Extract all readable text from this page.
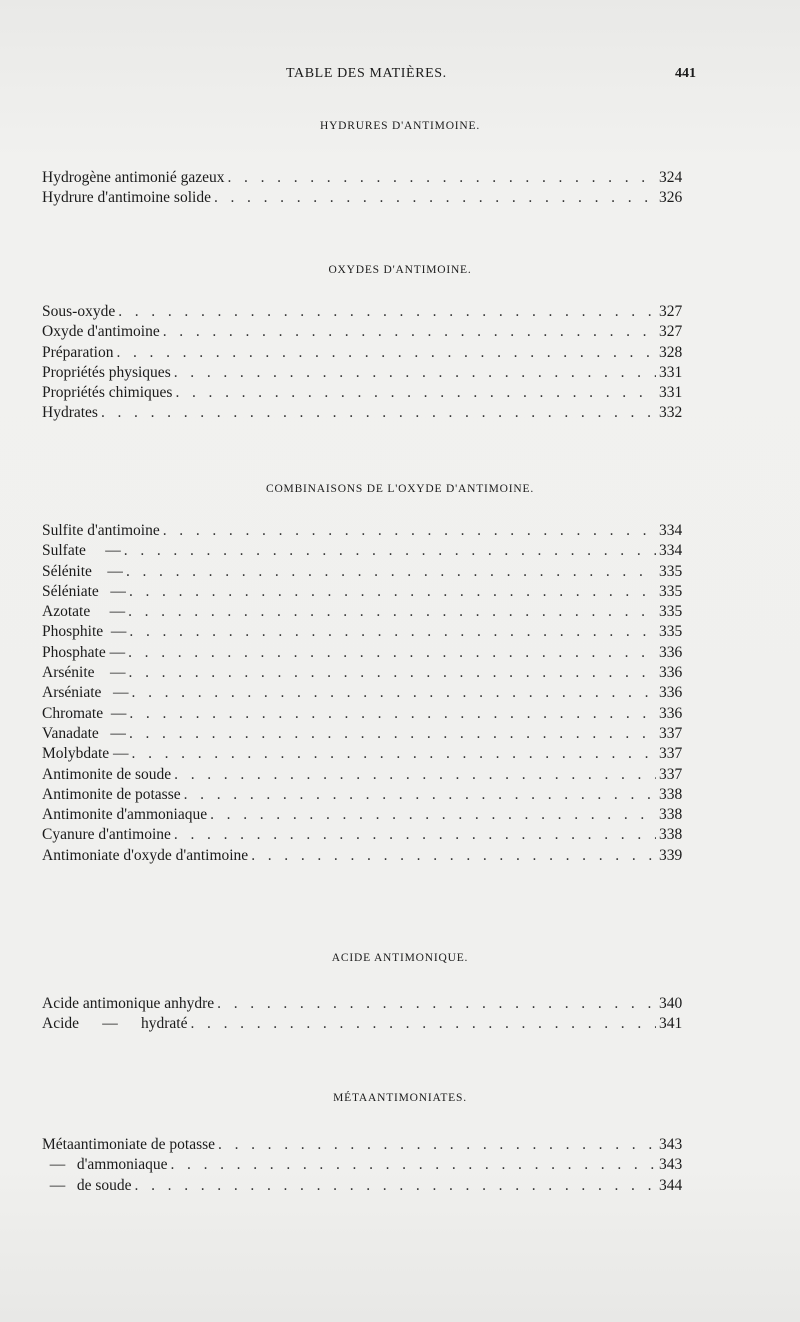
TABLE DES MATIÈRES.	441
HYDRURES D'ANTIMOINE.
Hydrogène antimonié gazeux . . .	324
Hydrure d'antimoine solide . . .	326
OXYDES D'ANTIMOINE.
Sous-oxyde . . .	327
Oxyde d'antimoine . . .	327
Préparation . . .	328
Propriétés physiques . . .	331
Propriétés chimiques . . .	331
Hydrates . . .	332
COMBINAISONS DE L'OXYDE D'ANTIMOINE.
Sulfite d'antimoine . . .	334
Sulfate     — . . .	334
Sélénite    — . . .	335
Séléniate   — . . .	335
Azotate     — . . .	335
Phosphite  — . . .	335
Phosphate — . . .	336
Arsénite    — . . .	336
Arséniate   — . . .	336
Chromate  — . . .	336
Vanadate   — . . .	337
Molybdate — . . .	337
Antimonite de soude . . .	337
Antimonite de potasse . . .	338
Antimonite d'ammoniaque . . .	338
Cyanure d'antimoine . . .	338
Antimoniate d'oxyde d'antimoine . . .	339
ACIDE ANTIMONIQUE.
Acide antimonique anhydre . . .	340
Acide      —      hydraté . . .	341
MÉTAANTIMONIATES.
Métaantimoniate de potasse . . .	343
—   d'ammoniaque . . .	343
—   de soude . . .	344
